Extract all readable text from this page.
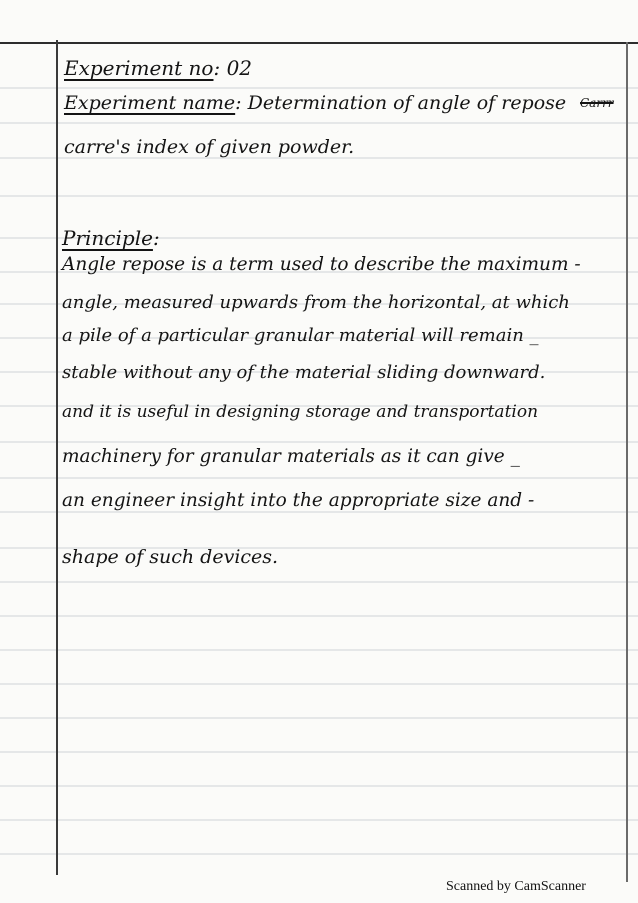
Experiment no: 02
Experiment name: Determination of angle of repose Carrr
carre's index of given powder.
Principle:
Angle repose is a term used to describe the maximum -
angle, measured upwards from the horizontal, at which
a pile of a particular granular material will remain _
stable without any of the material sliding downward.
and it is useful in designing storage and transportation
machinery for granular materials as it can give _
an engineer insight into the appropriate size and -
shape of such devices.
Scanned by CamScanner
